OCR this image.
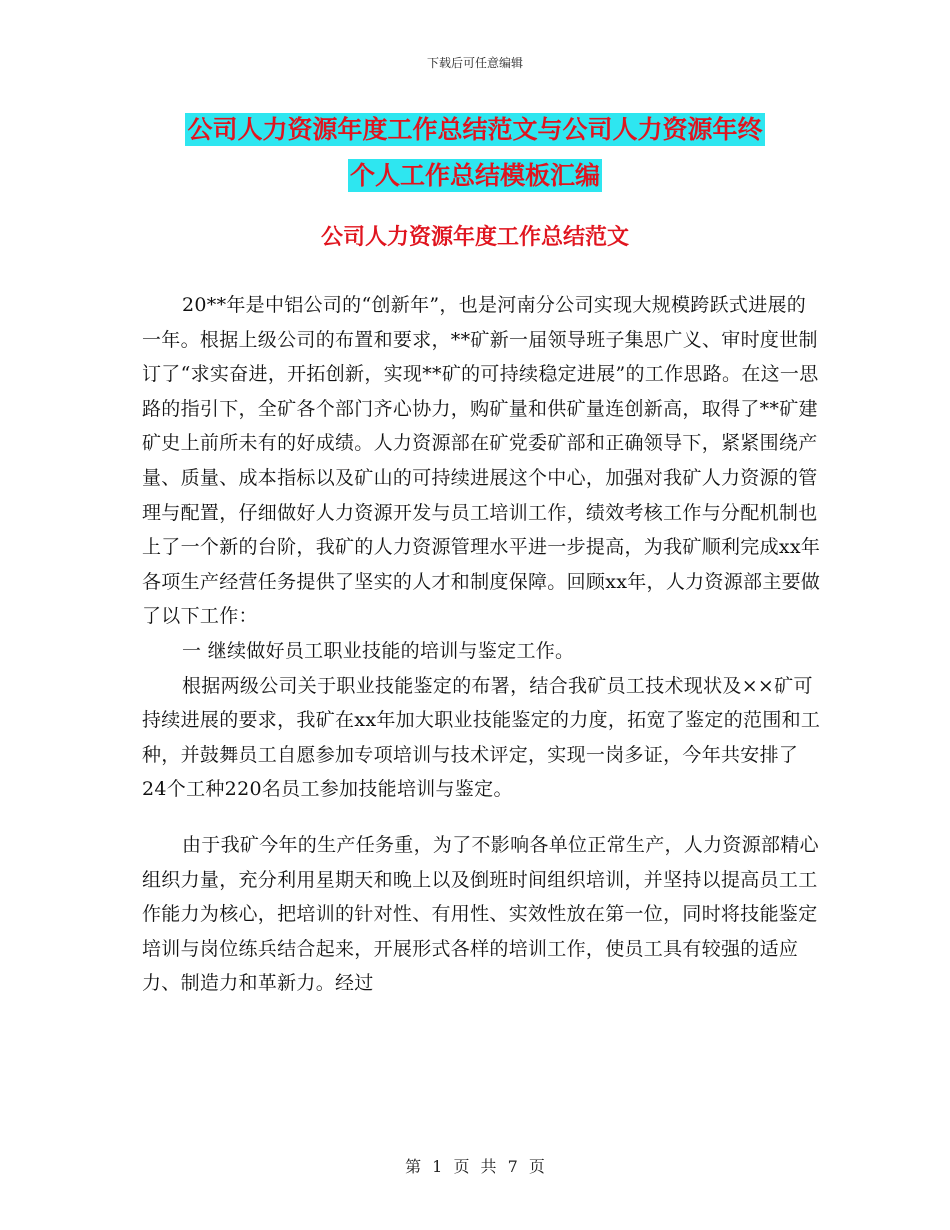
下载后可任意编辑
公司人力资源年度工作总结范文与公司人力资源年终
个人工作总结模板汇编
公司人力资源年度工作总结范文

20**年是中铝公司的“创新年”，也是河南分公司实现大规模跨跃式进展的一年。根据上级公司的布置和要求，**矿新一届领导班子集思广义、审时度世制订了“求实奋进，开拓创新，实现**矿的可持续稳定进展”的工作思路。在这一思路的指引下，全矿各个部门齐心协力，购矿量和供矿量连创新高，取得了**矿建矿史上前所未有的好成绩。人力资源部在矿党委矿部和正确领导下，紧紧围绕产量、质量、成本指标以及矿山的可持续进展这个中心，加强对我矿人力资源的管理与配置，仔细做好人力资源开发与员工培训工作，绩效考核工作与分配机制也上了一个新的台阶，我矿的人力资源管理水平进一步提高，为我矿顺利完成xx年各项生产经营任务提供了坚实的人才和制度保障。回顾xx年，人力资源部主要做了以下工作：

一 继续做好员工职业技能的培训与鉴定工作。

根据两级公司关于职业技能鉴定的布署，结合我矿员工技术现状及××矿可持续进展的要求，我矿在xx年加大职业技能鉴定的力度，拓宽了鉴定的范围和工种，并鼓舞员工自愿参加专项培训与技术评定，实现一岗多证，今年共安排了24个工种220名员工参加技能培训与鉴定。

由于我矿今年的生产任务重，为了不影响各单位正常生产，人力资源部精心组织力量，充分利用星期天和晚上以及倒班时间组织培训，并坚持以提高员工工作能力为核心，把培训的针对性、有用性、实效性放在第一位，同时将技能鉴定培训与岗位练兵结合起来，开展形式各样的培训工作，使员工具有较强的适应力、制造力和革新力。经过

第 1 页 共 7 页
